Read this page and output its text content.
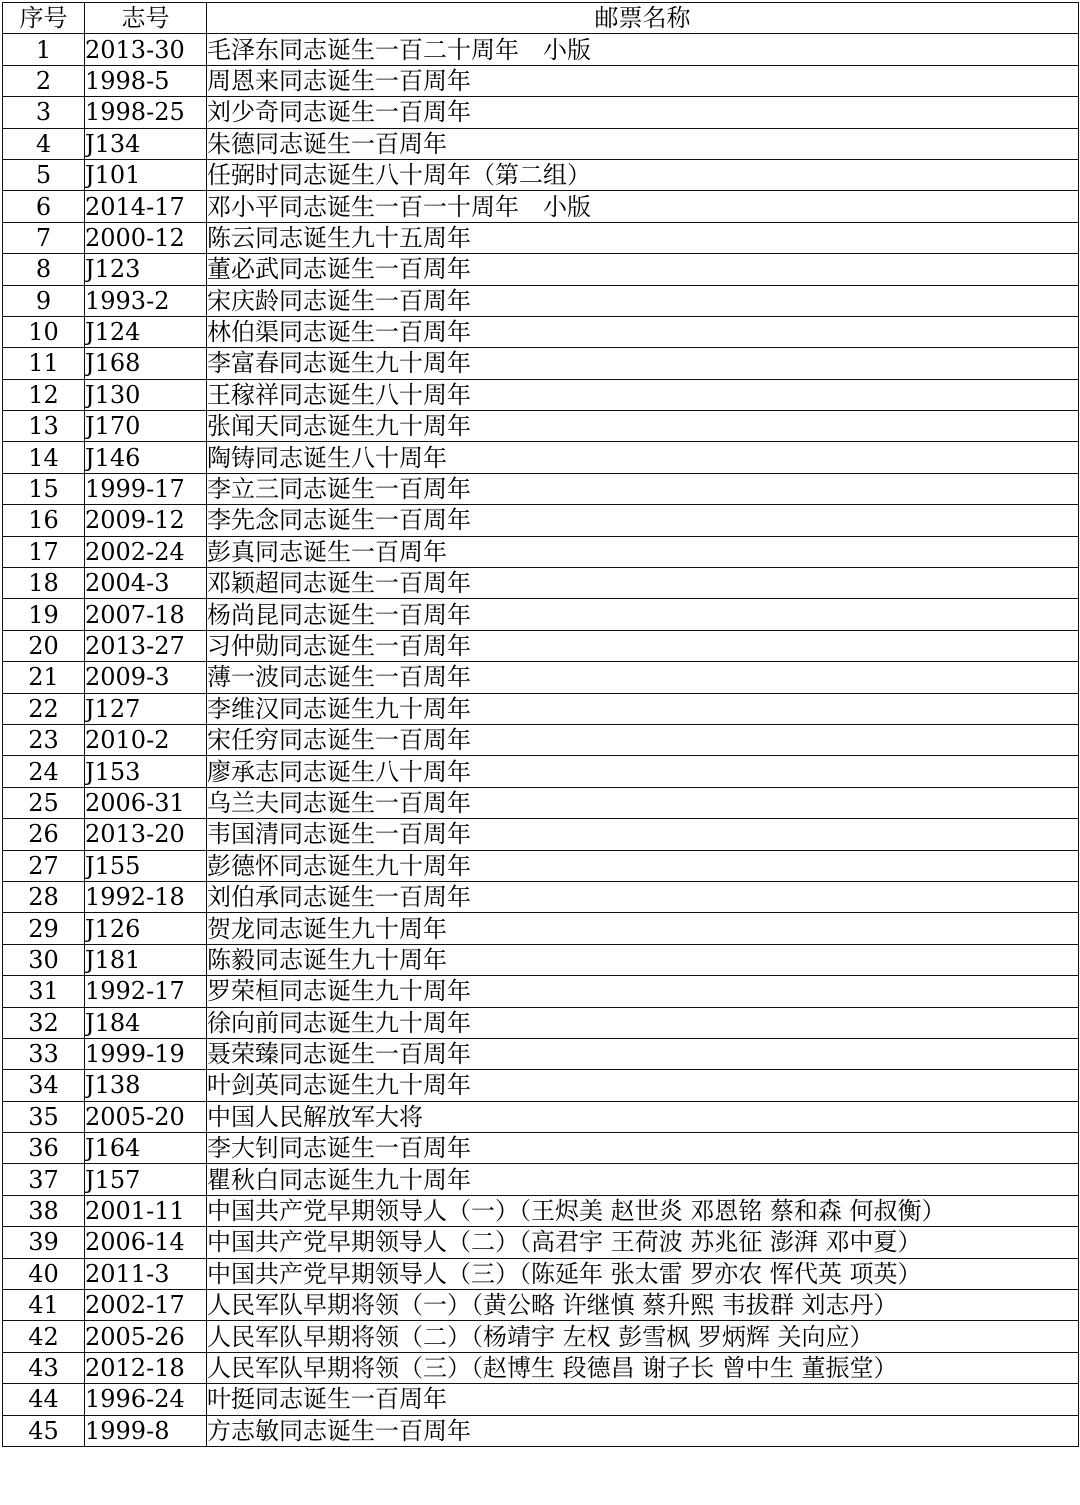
序号	志号	邮票名称
1	2013-30	毛泽东同志诞生一百二十周年　小版
2	1998-5	周恩来同志诞生一百周年
3	1998-25	刘少奇同志诞生一百周年
4	J134	朱德同志诞生一百周年
5	J101	任弼时同志诞生八十周年（第二组）
6	2014-17	邓小平同志诞生一百一十周年　小版
7	2000-12	陈云同志诞生九十五周年
8	J123	董必武同志诞生一百周年
9	1993-2	宋庆龄同志诞生一百周年
10	J124	林伯渠同志诞生一百周年
11	J168	李富春同志诞生九十周年
12	J130	王稼祥同志诞生八十周年
13	J170	张闻天同志诞生九十周年
14	J146	陶铸同志诞生八十周年
15	1999-17	李立三同志诞生一百周年
16	2009-12	李先念同志诞生一百周年
17	2002-24	彭真同志诞生一百周年
18	2004-3	邓颖超同志诞生一百周年
19	2007-18	杨尚昆同志诞生一百周年
20	2013-27	习仲勋同志诞生一百周年
21	2009-3	薄一波同志诞生一百周年
22	J127	李维汉同志诞生九十周年
23	2010-2	宋任穷同志诞生一百周年
24	J153	廖承志同志诞生八十周年
25	2006-31	乌兰夫同志诞生一百周年
26	2013-20	韦国清同志诞生一百周年
27	J155	彭德怀同志诞生九十周年
28	1992-18	刘伯承同志诞生一百周年
29	J126	贺龙同志诞生九十周年
30	J181	陈毅同志诞生九十周年
31	1992-17	罗荣桓同志诞生九十周年
32	J184	徐向前同志诞生九十周年
33	1999-19	聂荣臻同志诞生一百周年
34	J138	叶剑英同志诞生九十周年
35	2005-20	中国人民解放军大将
36	J164	李大钊同志诞生一百周年
37	J157	瞿秋白同志诞生九十周年
38	2001-11	中国共产党早期领导人（一）（王烬美 赵世炎 邓恩铭 蔡和森 何叔衡）
39	2006-14	中国共产党早期领导人（二）（高君宇 王荷波 苏兆征 澎湃 邓中夏）
40	2011-3	中国共产党早期领导人（三）（陈延年 张太雷 罗亦农 恽代英 项英）
41	2002-17	人民军队早期将领（一）（黄公略 许继慎 蔡升熙 韦拔群 刘志丹）
42	2005-26	人民军队早期将领（二）（杨靖宇 左权 彭雪枫 罗炳辉 关向应）
43	2012-18	人民军队早期将领（三）（赵博生 段德昌 谢子长 曾中生 董振堂）
44	1996-24	叶挺同志诞生一百周年
45	1999-8	方志敏同志诞生一百周年
